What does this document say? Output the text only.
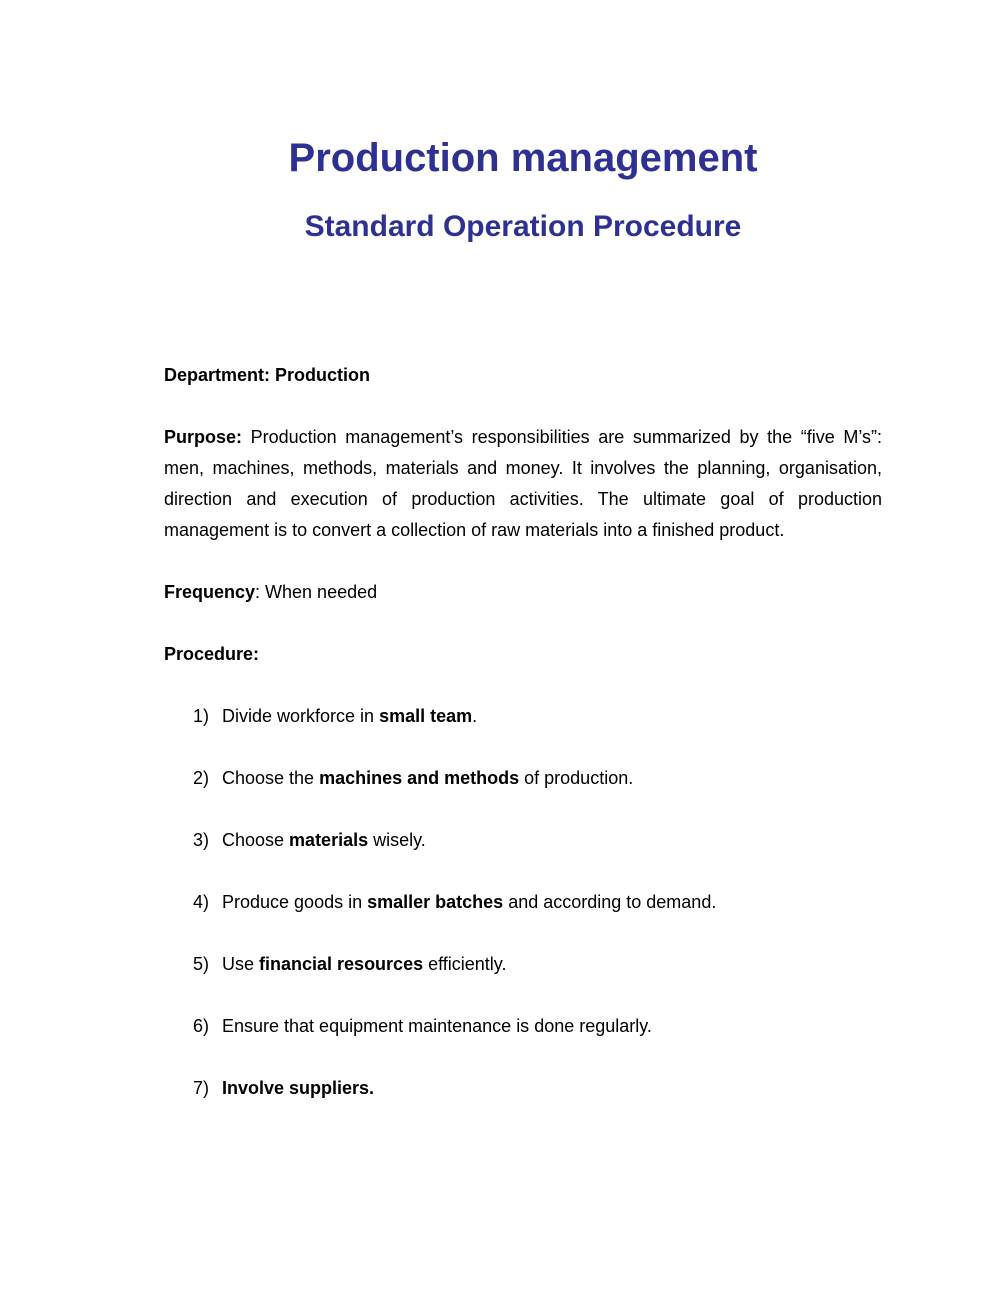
Production management
Standard Operation Procedure

Department: Production

Purpose: Production management’s responsibilities are summarized by the “five M’s”: men, machines, methods, materials and money. It involves the planning, organisation, direction and execution of production activities. The ultimate goal of production management is to convert a collection of raw materials into a finished product.

Frequency: When needed

Procedure:

1) Divide workforce in small team.
2) Choose the machines and methods of production.
3) Choose materials wisely.
4) Produce goods in smaller batches and according to demand.
5) Use financial resources efficiently.
6) Ensure that equipment maintenance is done regularly.
7) Involve suppliers.
